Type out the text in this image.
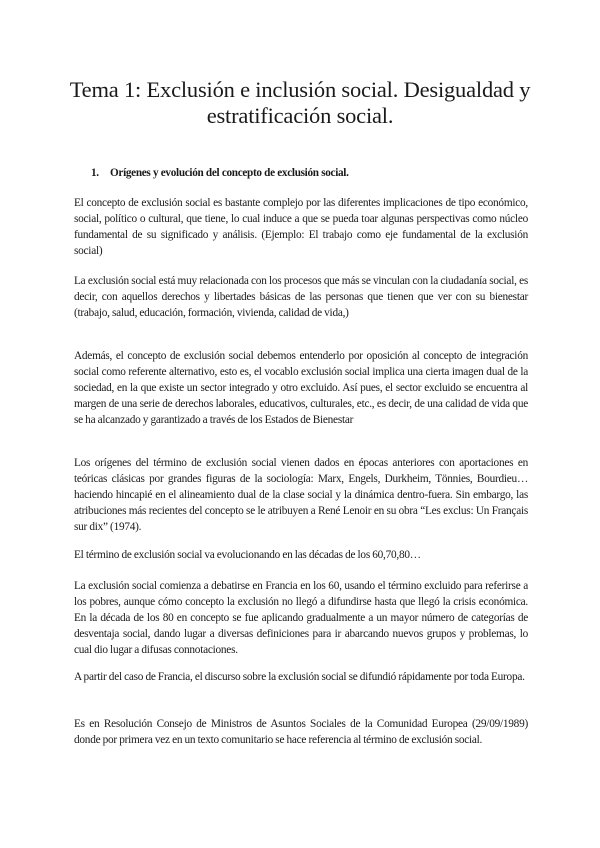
Tema 1: Exclusión e inclusión social. Desigualdad y estratificación social.
1. Orígenes y evolución del concepto de exclusión social.

El concepto de exclusión social es bastante complejo por las diferentes implicaciones de tipo económico, social, político o cultural, que tiene, lo cual induce a que se pueda toar algunas perspectivas como núcleo fundamental de su significado y análisis. (Ejemplo: El trabajo como eje fundamental de la exclusión social)

La exclusión social está muy relacionada con los procesos que más se vinculan con la ciudadanía social, es decir, con aquellos derechos y libertades básicas de las personas que tienen que ver con su bienestar (trabajo, salud, educación, formación, vivienda, calidad de vida,)

Además, el concepto de exclusión social debemos entenderlo por oposición al concepto de integración social como referente alternativo, esto es, el vocablo exclusión social implica una cierta imagen dual de la sociedad, en la que existe un sector integrado y otro excluido. Así pues, el sector excluido se encuentra al margen de una serie de derechos laborales, educativos, culturales, etc., es decir, de una calidad de vida que se ha alcanzado y garantizado a través de los Estados de Bienestar

Los orígenes del término de exclusión social vienen dados en épocas anteriores con aportaciones en teóricas clásicas por grandes figuras de la sociología: Marx, Engels, Durkheim, Tönnies, Bourdieu… haciendo hincapié en el alineamiento dual de la clase social y la dinámica dentro-fuera. Sin embargo, las atribuciones más recientes del concepto se le atribuyen a René Lenoir en su obra “Les exclus: Un Français sur dix” (1974).

El término de exclusión social va evolucionando en las décadas de los 60,70,80…

La exclusión social comienza a debatirse en Francia en los 60, usando el término excluido para referirse a los pobres, aunque cómo concepto la exclusión no llegó a difundirse hasta que llegó la crisis económica. En la década de los 80 en concepto se fue aplicando gradualmente a un mayor número de categorías de desventaja social, dando lugar a diversas definiciones para ir abarcando nuevos grupos y problemas, lo cual dio lugar a difusas connotaciones.

A partir del caso de Francia, el discurso sobre la exclusión social se difundió rápidamente por toda Europa.

Es en Resolución Consejo de Ministros de Asuntos Sociales de la Comunidad Europea (29/09/1989) donde por primera vez en un texto comunitario se hace referencia al término de exclusión social.
